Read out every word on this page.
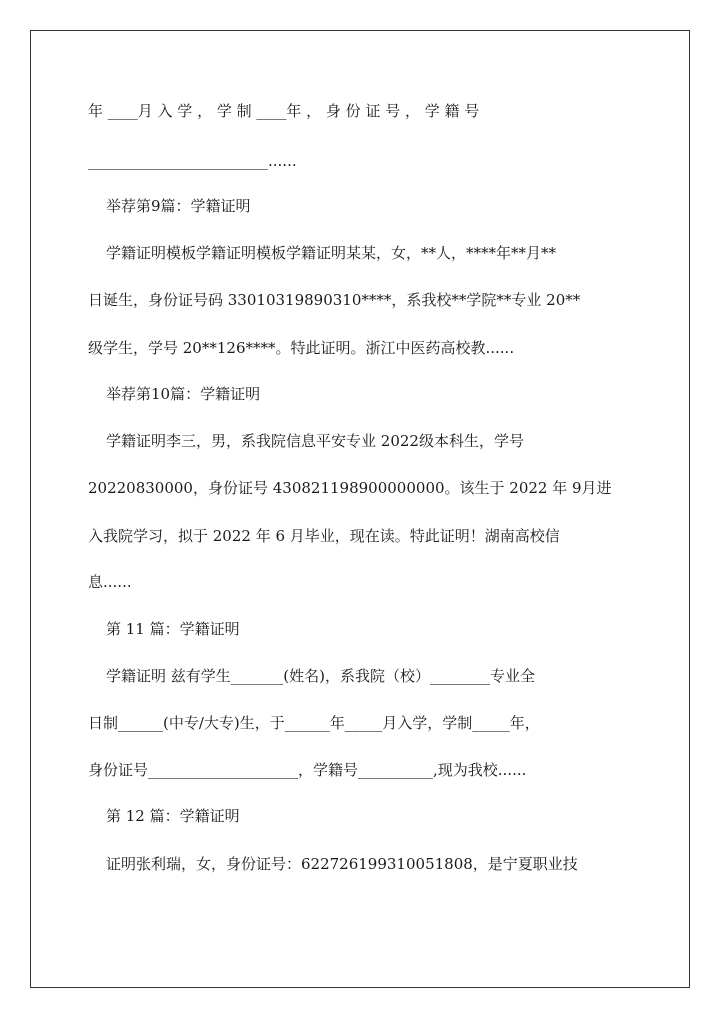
年 ____月 入 学 ， 学 制 ____年 ， 身 份 证 号 ， 学 籍 号
________________________......
举荐第9篇：学籍证明
学籍证明模板学籍证明模板学籍证明某某，女，**人，****年**月**
日诞生，身份证号码 33010319890310****，系我校**学院**专业 20**
级学生，学号 20**126****。特此证明。浙江中医药高校教......
举荐第10篇：学籍证明
学籍证明李三，男，系我院信息平安专业 2022级本科生，学号
20220830000，身份证号 430821198900000000。该生于 2022 年 9月进
入我院学习，拟于 2022 年 6 月毕业，现在读。特此证明！湖南高校信
息......
第 11 篇：学籍证明
学籍证明 兹有学生_______(姓名)，系我院（校）________专业全
日制______(中专/大专)生，于______年_____月入学，学制_____年，
身份证号____________________，学籍号__________,现为我校......
第 12 篇：学籍证明
证明张利瑞，女，身份证号：622726199310051808，是宁夏职业技
